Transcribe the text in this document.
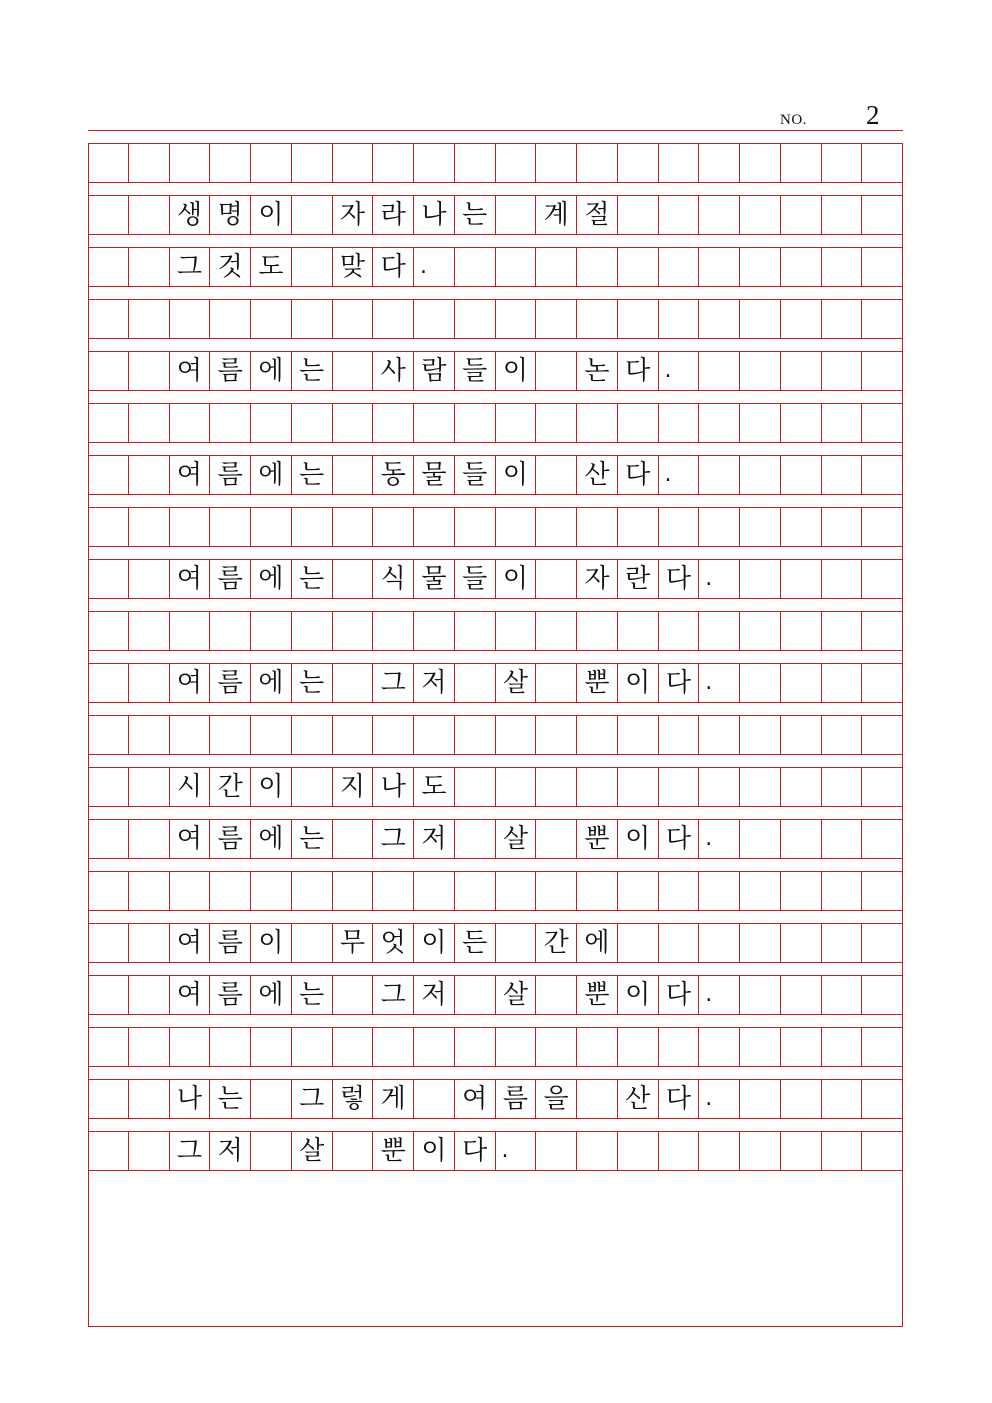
NO. 2
생 명 이	자 라 나 는	계 절
그 것 도	맞 다 .
여 름 에 는	사 람 들 이	논 다 .
여 름 에 는	동 물 들 이	산 다 .
여 름 에 는	식 물 들 이	자 란 다 .
여 름 에 는	그 저	살	뿐 이 다 .
시 간 이	지 나 도
여 름 에 는	그 저	살	뿐 이 다 .
여 름 이	무 엇 이 든	간 에
여 름 에 는	그 저	살	뿐 이 다 .
나 는	그 렇 게	여 름 을	산 다 .
그 저	살	뿐 이 다 .
